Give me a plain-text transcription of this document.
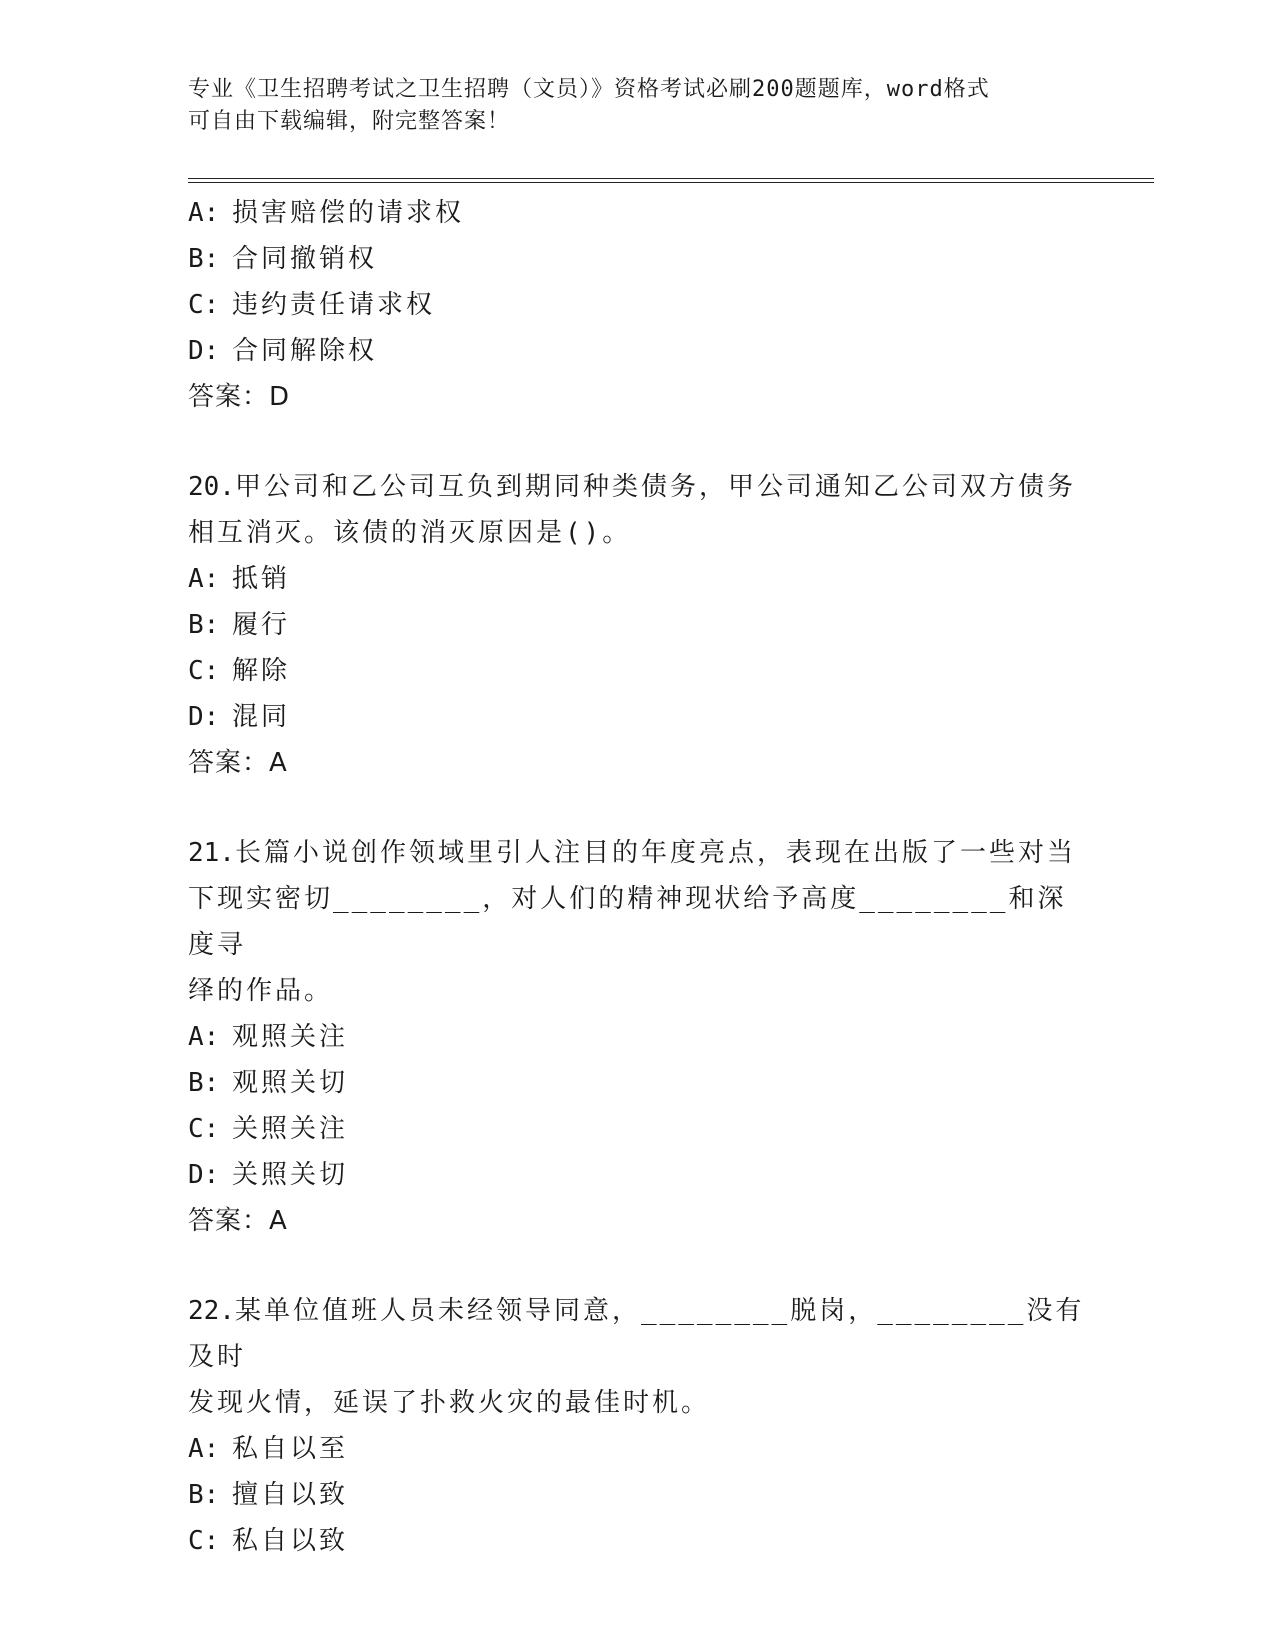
专业《卫生招聘考试之卫生招聘（文员）》资格考试必刷200题题库，word格式
可自由下载编辑，附完整答案！
A: 损害赔偿的请求权
B: 合同撤销权
C: 违约责任请求权
D: 合同解除权
答案：D
20.甲公司和乙公司互负到期同种类债务，甲公司通知乙公司双方债务
相互消灭。该债的消灭原因是()。
A: 抵销
B: 履行
C: 解除
D: 混同
答案：A
21.长篇小说创作领域里引人注目的年度亮点，表现在出版了一些对当
下现实密切________，对人们的精神现状给予高度________和深度寻
绎的作品。
A: 观照关注
B: 观照关切
C: 关照关注
D: 关照关切
答案：A
22.某单位值班人员未经领导同意，________脱岗，________没有及时
发现火情，延误了扑救火灾的最佳时机。
A: 私自以至
B: 擅自以致
C: 私自以致
